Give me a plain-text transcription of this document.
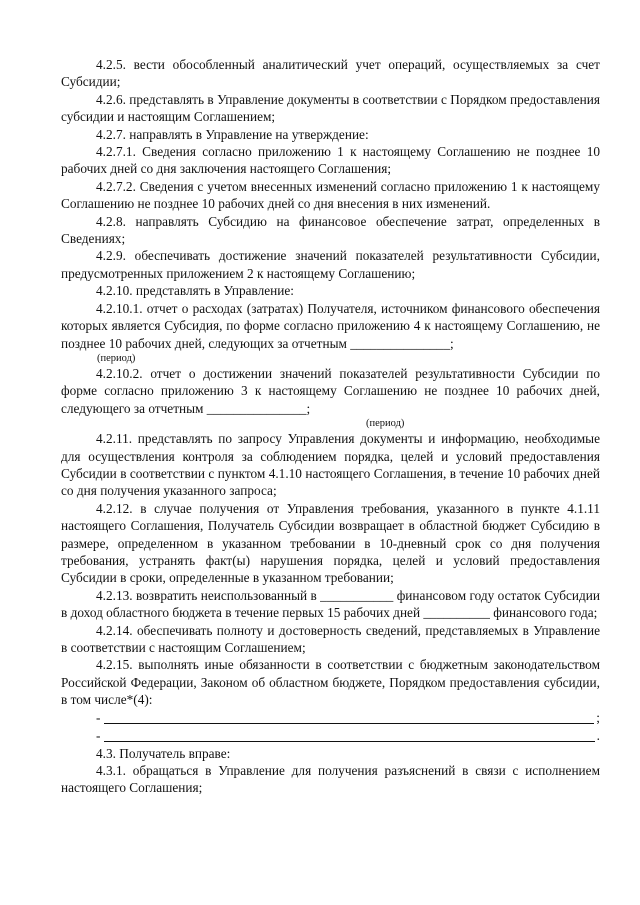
4.2.5. вести обособленный аналитический учет операций, осуществляемых за счет Субсидии;

4.2.6. представлять в Управление документы в соответствии с Порядком предоставления субсидии и настоящим Соглашением;

4.2.7. направлять в Управление на утверждение:

4.2.7.1. Сведения согласно приложению 1 к настоящему Соглашению не позднее 10 рабочих дней со дня заключения настоящего Соглашения;

4.2.7.2. Сведения с учетом внесенных изменений согласно приложению 1 к настоящему Соглашению не позднее 10 рабочих дней со дня внесения в них изменений.

4.2.8. направлять Субсидию на финансовое обеспечение затрат, определенных в Сведениях;

4.2.9. обеспечивать достижение значений показателей результативности Субсидии, предусмотренных приложением 2 к настоящему Соглашению;

4.2.10. представлять в Управление:

4.2.10.1. отчет о расходах (затратах) Получателя, источником финансового обеспечения которых является Субсидия, по форме согласно приложению 4 к настоящему Соглашению, не позднее 10 рабочих дней, следующих за отчетным _______________;

(период)

4.2.10.2. отчет о достижении значений показателей результативности Субсидии по форме согласно приложению 3 к настоящему Соглашению не позднее 10 рабочих дней, следующего за отчетным _______________;

(период)

4.2.11. представлять по запросу Управления документы и информацию, необходимые для осуществления контроля за соблюдением порядка, целей и условий предоставления Субсидии в соответствии с пунктом 4.1.10 настоящего Соглашения, в течение 10 рабочих дней со дня получения указанного запроса;

4.2.12. в случае получения от Управления требования, указанного в пункте 4.1.11 настоящего Соглашения, Получатель Субсидии возвращает в областной бюджет Субсидию в размере, определенном в указанном требовании в 10-дневный срок со дня получения требования, устранять факт(ы) нарушения порядка, целей и условий предоставления Субсидии в сроки, определенные в указанном требовании;

4.2.13. возвратить неиспользованный в ___________ финансовом году остаток Субсидии в доход областного бюджета в течение первых 15 рабочих дней __________ финансового года;

4.2.14. обеспечивать полноту и достоверность сведений, представляемых в Управление в соответствии с настоящим Соглашением;

4.2.15. выполнять иные обязанности в соответствии с бюджетным законодательством Российской Федерации, Законом об областном бюджете, Порядком предоставления субсидии, в том числе*(4):

-	;
-	.

4.3. Получатель вправе:

4.3.1. обращаться в Управление для получения разъяснений в связи с исполнением настоящего Соглашения;
